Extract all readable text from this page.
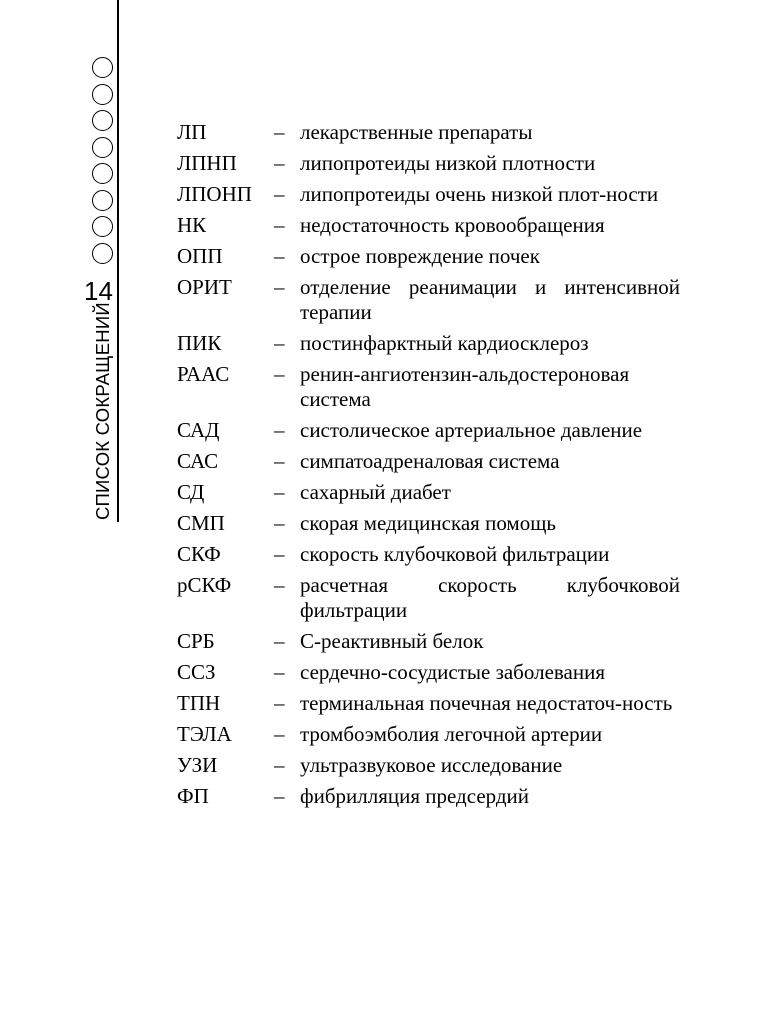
14
СПИСОК СОКРАЩЕНИЙ
ЛП	– лекарственные препараты
ЛПНП	– липопротеиды низкой плотности
ЛПОНП	– липопротеиды очень низкой плот-ности
НК	– недостаточность кровообращения
ОПП	– острое повреждение почек
ОРИТ	– отделение реанимации и интенсивной терапии
ПИК	– постинфарктный кардиосклероз
РААС	– ренин-ангиотензин-альдостероновая система
САД	– систолическое артериальное давление
САС	– симпатоадреналовая система
СД	– сахарный диабет
СМП	– скорая медицинская помощь
СКФ	– скорость клубочковой фильтрации
рСКФ	– расчетная скорость клубочковой фильтрации
СРБ	– С-реактивный белок
ССЗ	– сердечно-сосудистые заболевания
ТПН	– терминальная почечная недостаточ-ность
ТЭЛА	– тромбоэмболия легочной артерии
УЗИ	– ультразвуковое исследование
ФП	– фибрилляция предсердий
